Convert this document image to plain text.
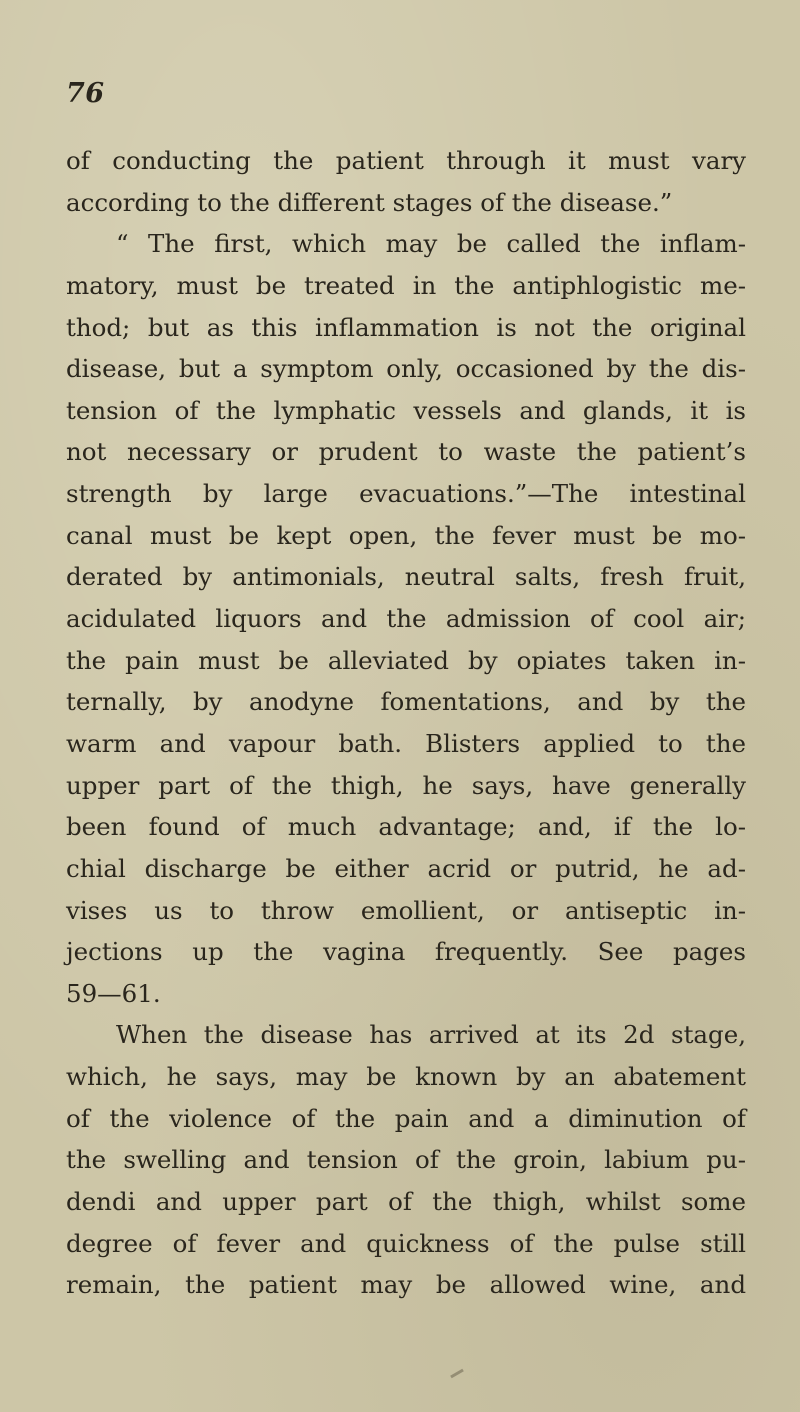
76
of conducting the patient through it must vary
according to the different stages of the disease.”
“ The first, which may be called the inflam-
matory, must be treated in the antiphlogistic me-
thod; but as this inflammation is not the original
disease, but a symptom only, occasioned by the dis-
tension of the lymphatic vessels and glands, it is
not necessary or prudent to waste the patient’s
strength by large evacuations.”—The intestinal
canal must be kept open, the fever must be mo-
derated by antimonials, neutral salts, fresh fruit,
acidulated liquors and the admission of cool air;
the pain must be alleviated by opiates taken in-
ternally, by anodyne fomentations, and by the
warm and vapour bath. Blisters applied to the
upper part of the thigh, he says, have generally
been found of much advantage; and, if the lo-
chial discharge be either acrid or putrid, he ad-
vises us to throw emollient, or antiseptic in-
jections up the vagina frequently. See pages
59—61.
When the disease has arrived at its 2d stage,
which, he says, may be known by an abatement
of the violence of the pain and a diminution of
the swelling and tension of the groin, labium pu-
dendi and upper part of the thigh, whilst some
degree of fever and quickness of the pulse still
remain, the patient may be allowed wine, and
